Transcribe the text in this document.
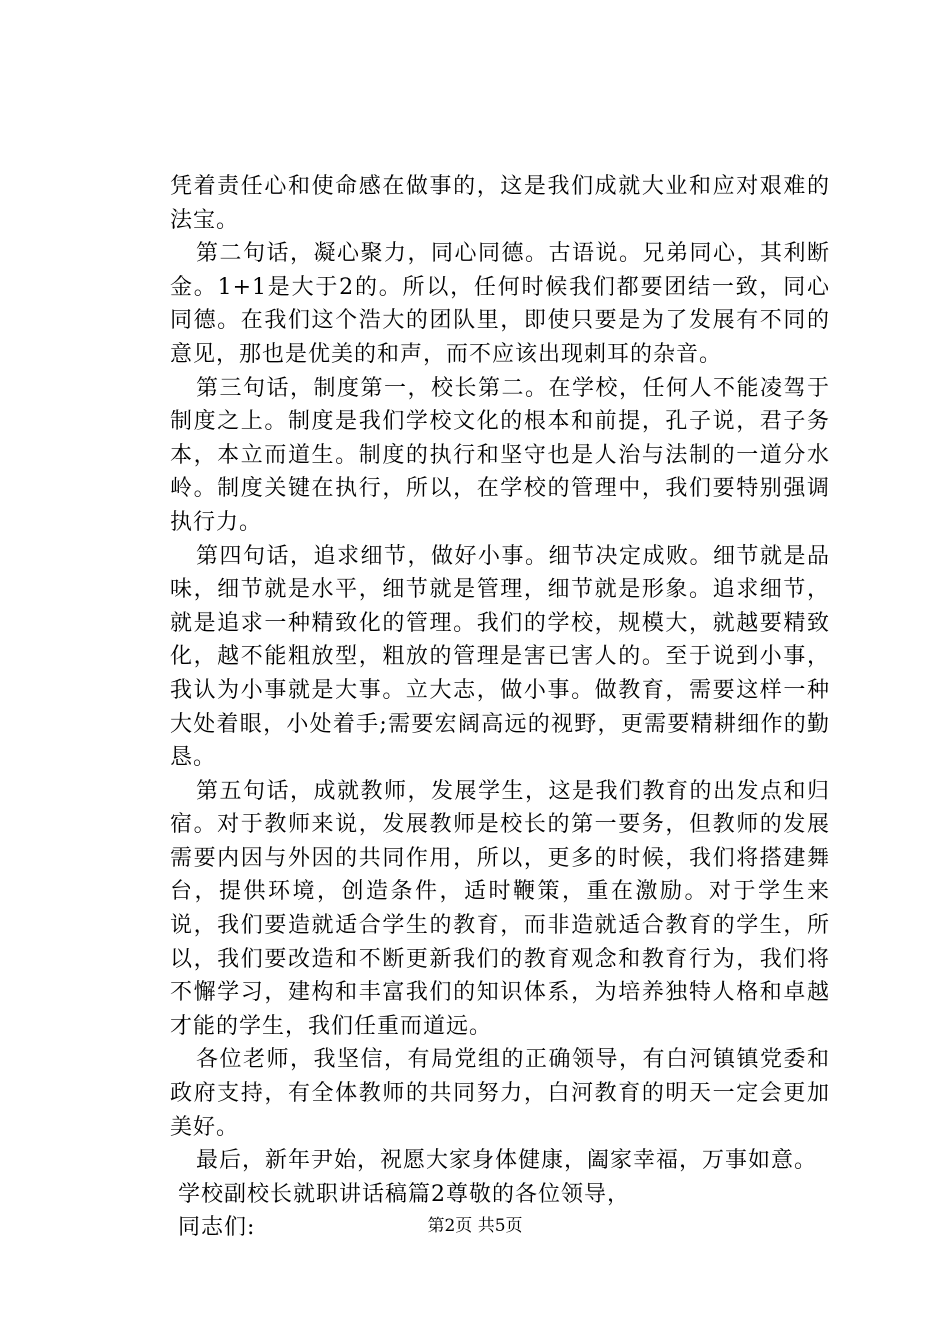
凭着责任心和使命感在做事的，这是我们成就大业和应对艰难的法宝。

第二句话，凝心聚力，同心同德。古语说。兄弟同心，其利断金。1+1是大于2的。所以，任何时候我们都要团结一致，同心同德。在我们这个浩大的团队里，即使只要是为了发展有不同的意见，那也是优美的和声，而不应该出现刺耳的杂音。

第三句话，制度第一，校长第二。在学校，任何人不能凌驾于制度之上。制度是我们学校文化的根本和前提，孔子说，君子务本，本立而道生。制度的执行和坚守也是人治与法制的一道分水岭。制度关键在执行，所以，在学校的管理中，我们要特别强调执行力。

第四句话，追求细节，做好小事。细节决定成败。细节就是品味，细节就是水平，细节就是管理，细节就是形象。追求细节，就是追求一种精致化的管理。我们的学校，规模大，就越要精致化，越不能粗放型，粗放的管理是害已害人的。至于说到小事，我认为小事就是大事。立大志，做小事。做教育，需要这样一种大处着眼，小处着手;需要宏阔高远的视野，更需要精耕细作的勤恳。

第五句话，成就教师，发展学生，这是我们教育的出发点和归宿。对于教师来说，发展教师是校长的第一要务，但教师的发展需要内因与外因的共同作用，所以，更多的时候，我们将搭建舞台，提供环境，创造条件，适时鞭策，重在激励。对于学生来说，我们要造就适合学生的教育，而非造就适合教育的学生，所以，我们要改造和不断更新我们的教育观念和教育行为，我们将不懈学习，建构和丰富我们的知识体系，为培养独特人格和卓越才能的学生，我们任重而道远。

各位老师，我坚信，有局党组的正确领导，有白河镇镇党委和政府支持，有全体教师的共同努力，白河教育的明天一定会更加美好。

最后，新年尹始，祝愿大家身体健康，阖家幸福，万事如意。

学校副校长就职讲话稿篇2尊敬的各位领导，

同志们:	第2页 共5页
